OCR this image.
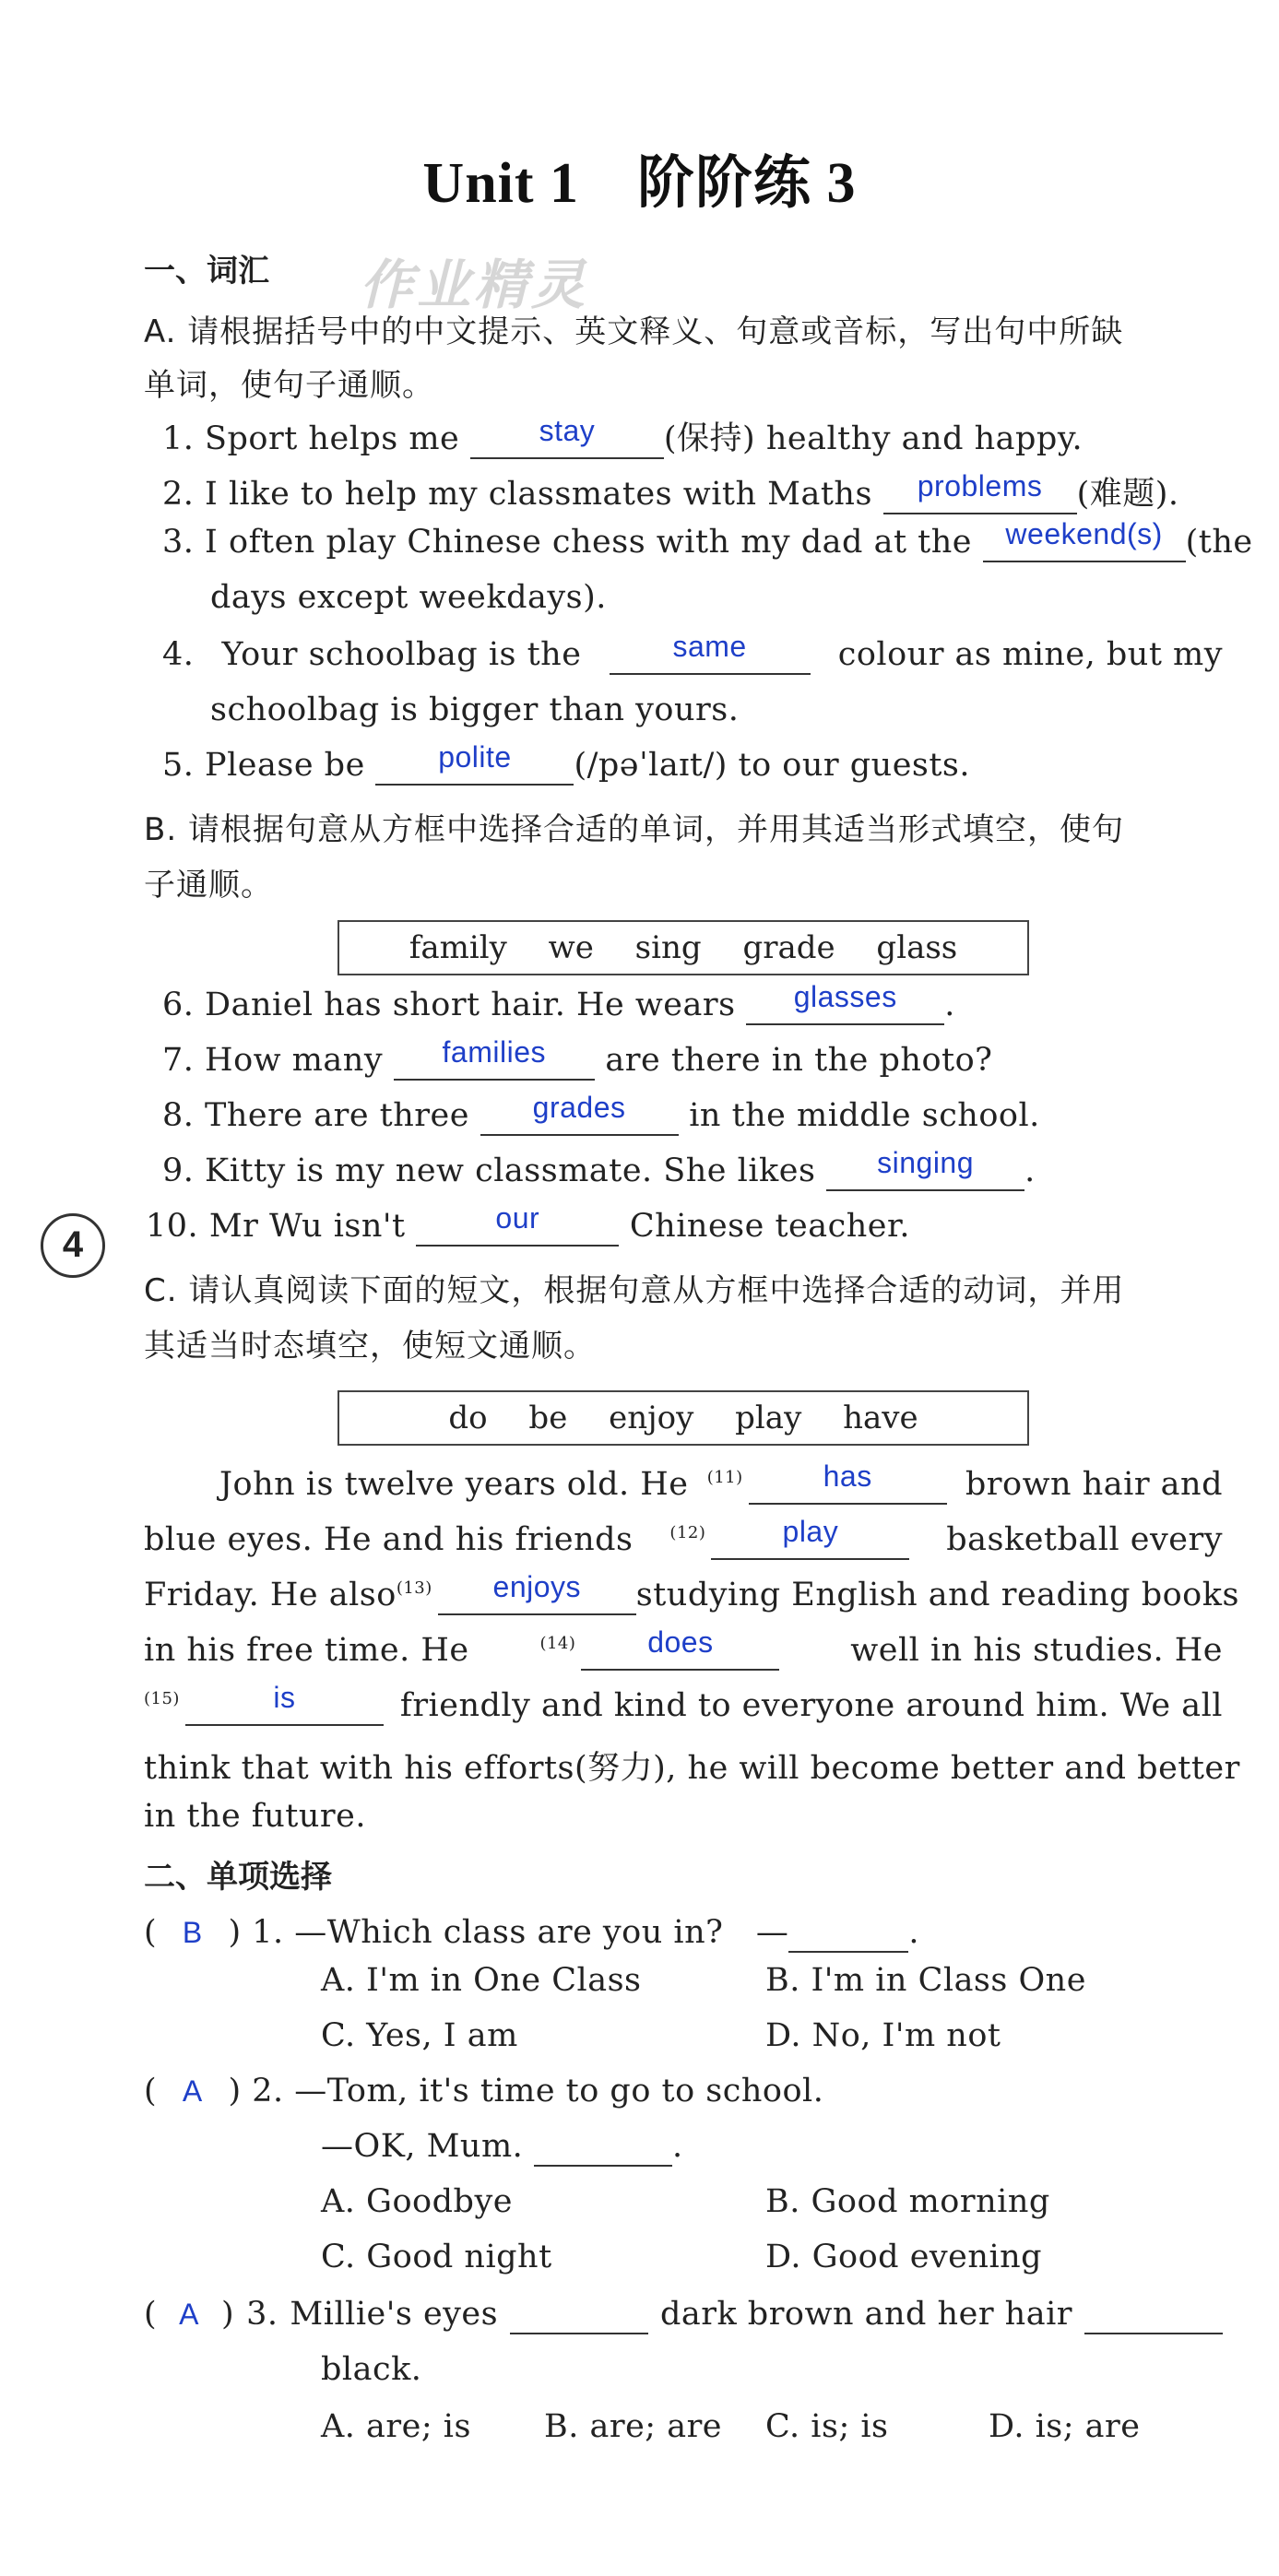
Unit 1　阶阶练 3
作业精灵
一、词汇
A. 请根据括号中的中文提示、英文释义、句意或音标，写出句中所缺
单词，使句子通顺。
1. Sport helps me	stay	(保持) healthy and happy.
2. I like to help my classmates with Maths	problems	(难题).
3. I often play Chinese chess with my dad at the	weekend(s) (the
days except weekdays).
4. Your schoolbag is the	same
	colour as mine, but my
schoolbag is bigger than yours.
5. Please be	polite	(/pəˈlaɪt/) to our guests.
B. 请根据句意从方框中选择合适的单词，并用其适当形式填空，使句
子通顺。
family　 we　 sing　 grade　 glass
6. Daniel has short hair. He wears	glasses	.
7. How many	families	are there in the photo?
8. There are three	grades	in the middle school.
9. Kitty is my new classmate. She likes	singing	.
4	10. Mr Wu isn't	our	Chinese teacher.
C. 请认真阅读下面的短文，根据句意从方框中选择合适的动词，并用
其适当时态填空，使短文通顺。
do　 be　 enjoy　 play　 have
John is twelve years old. He $^{(11)}$	has
	brown hair and
blue eyes. He and his friends $^{(12)}$	play
	basketball every
Friday. He also $^{(13)}$	enjoys
	studying English and reading books
in his free time. He	$^{(14)}$	does
	well in his studies. He
$^{(15)}$	is
	friendly and kind to everyone around him. We all
think that with his efforts(努力), he will become better and better
in the future.
二、单项选择
( B ) 1. —Which class are you in?　—	.
A. I'm in One Class	B. I'm in Class One
C. Yes, I am	D. No, I'm not
( A ) 2. —Tom, it's time to go to school.
—OK, Mum.	.
A. Goodbye	B. Good morning
C. Good night	D. Good evening
( A ) 3. Millie's eyes
	dark brown and her hair

black.
A. are; is B. are; are C. is; is	D. is; are
